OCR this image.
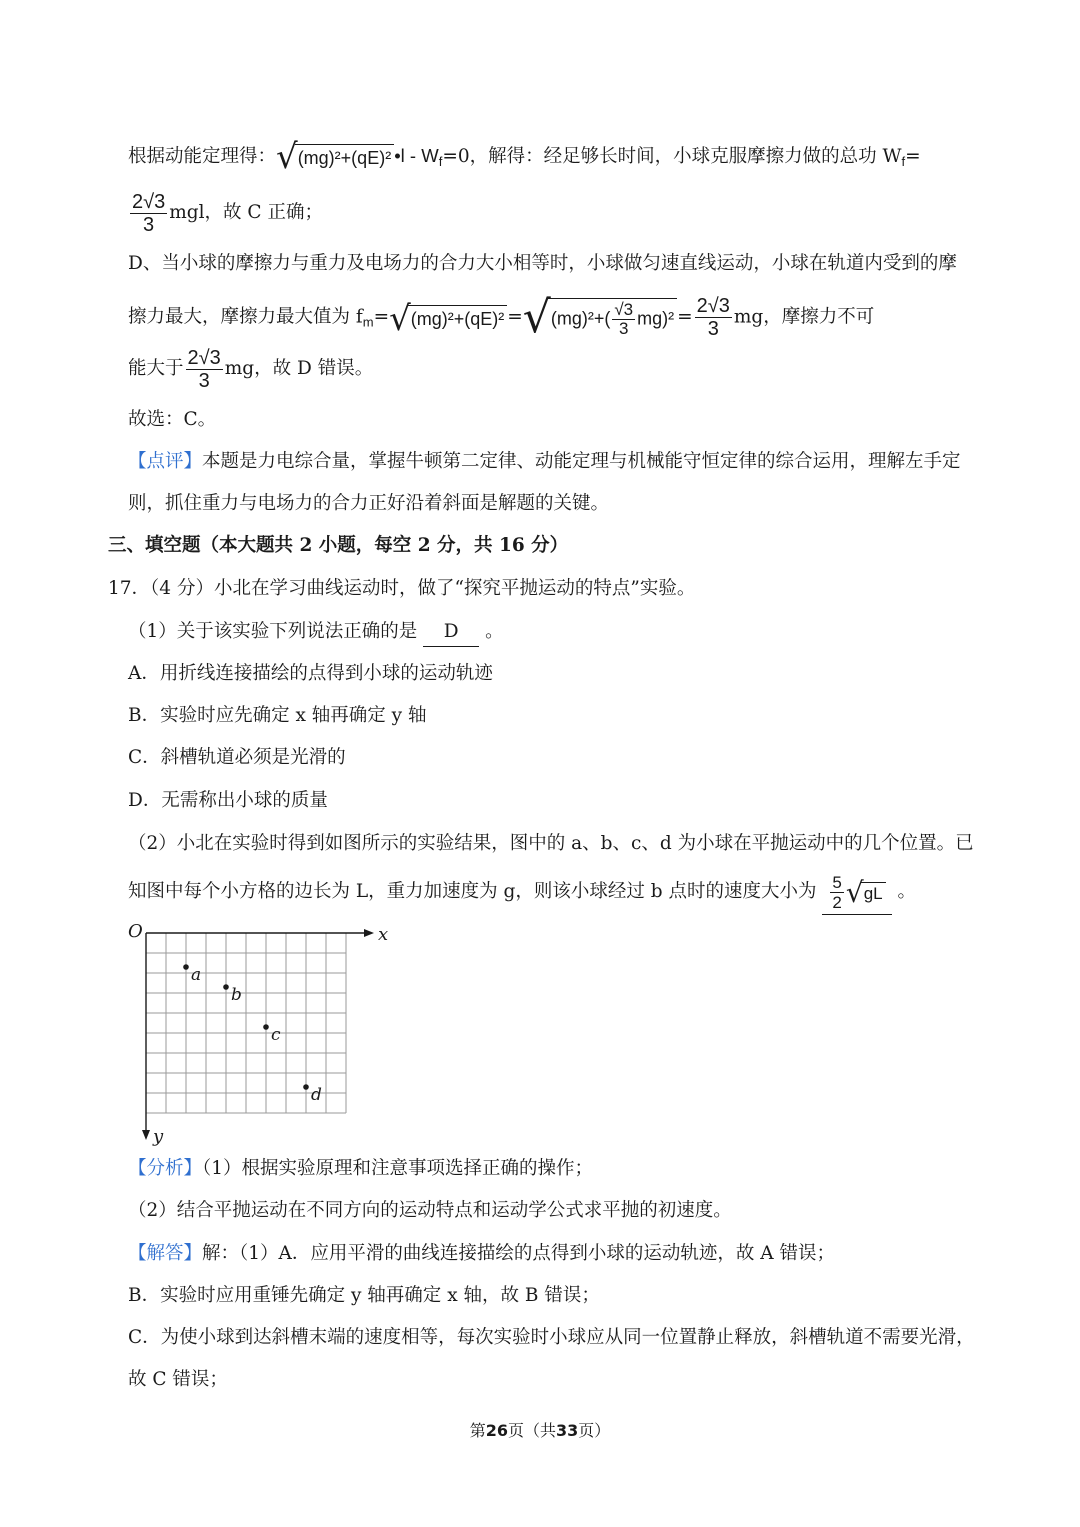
根据动能定理得：√(mg)²+(qE)² •l - $W_f=0$，解得：经足够长时间，小球克服摩擦力做的总功 $W_f=$
$\frac{2√3}{3}$ mgl，故 C 正确；
D、当小球的摩擦力与重力及电场力的合力大小相等时，小球做匀速直线运动，小球在轨道内受到的摩
擦力最大，摩擦力最大值为 $f_m=√(mg)^2+(qE)^2 =√(mg)^2+( \frac{√3}{3} mg)^2 = \frac{2√3}{3}$ mg，摩擦力不可
能大于 $\frac{2√3}{3}$ mg，故 D 错误。
故选：C。
【点评】本题是力电综合量，掌握牛顿第二定律、动能定理与机械能守恒定律的综合运用，理解左手定
则，抓住重力与电场力的合力正好沿着斜面是解题的关键。
三、填空题（本大题共 2 小题，每空 2 分，共 16 分）
17．（4 分）小北在学习曲线运动时，做了“探究平抛运动的特点”实验。
（1）关于该实验下列说法正确的是 D 。
A．用折线连接描绘的点得到小球的运动轨迹
B．实验时应先确定 x 轴再确定 y 轴
C．斜槽轨道必须是光滑的
D．无需称出小球的质量
（2）小北在实验时得到如图所示的实验结果，图中的 a、b、c、d 为小球在平抛运动中的几个位置。已
知图中每个小方格的边长为 L，重力加速度为 g，则该小球经过 b 点时的速度大小为 $\frac{5}{2} √gL$ 。
O	x
y
a
b
c
d
【分析】（1）根据实验原理和注意事项选择正确的操作；
（2）结合平抛运动在不同方向的运动特点和运动学公式求平抛的初速度。
【解答】解：（1）A．应用平滑的曲线连接描绘的点得到小球的运动轨迹，故 A 错误；
B．实验时应用重锤先确定 y 轴再确定 x 轴，故 B 错误；
C．为使小球到达斜槽末端的速度相等，每次实验时小球应从同一位置静止释放，斜槽轨道不需要光滑，
故 C 错误；
第26页（共33页）
